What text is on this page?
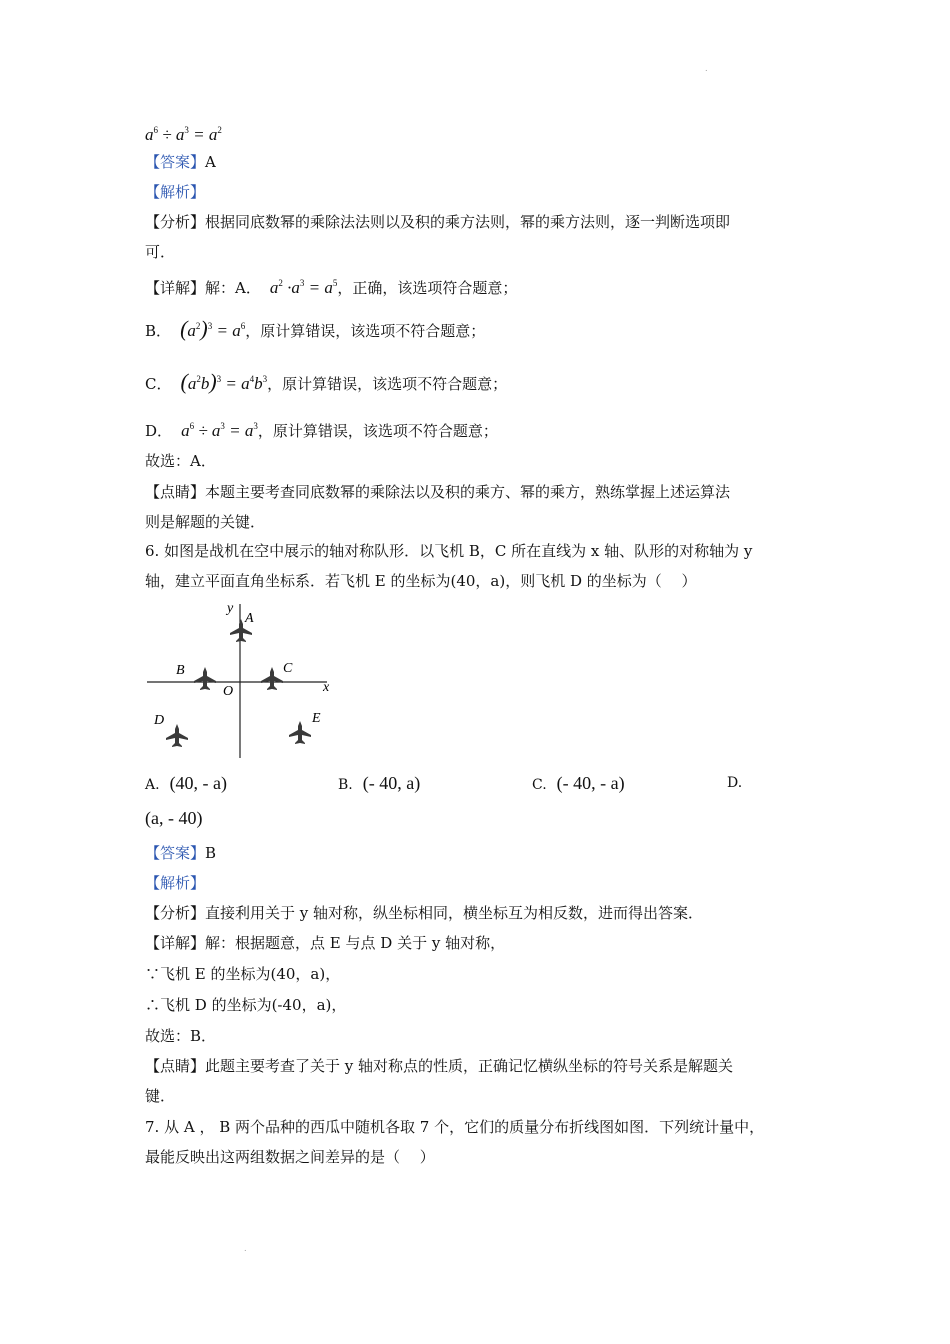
.
.
$a^6 \div a^3 = a^2$
【答案】A
【解析】
【分析】根据同底数幂的乘除法法则以及积的乘方法则，幂的乘方法则，逐一判断选项即
可．
【详解】解：A．  $a^2 \cdot a^3 = a^5$，正确，该选项符合题意；
B． $(a^2)^3 = a^6$，原计算错误，该选项不符合题意；
C． $(a^2b)^3 = a^4b^3$，原计算错误，该选项不符合题意；
D．  $a^6 \div a^3 = a^3$，原计算错误，该选项不符合题意；
故选：A．
【点睛】本题主要考查同底数幂的乘除法以及积的乘方、幂的乘方，熟练掌握上述运算法
则是解题的关键．
6. 如图是战机在空中展示的轴对称队形．以飞机 B，C 所在直线为 x 轴、队形的对称轴为 y
轴，建立平面直角坐标系．若飞机 E 的坐标为(40，a)，则飞机 D 的坐标为（　 ）
y
x
O
A
B	C
D	E
A. (40, - a)	B. (- 40, a)	C. (- 40, - a)	D.
(a, - 40)
【答案】B
【解析】
【分析】直接利用关于 y 轴对称，纵坐标相同，横坐标互为相反数，进而得出答案．
【详解】解：根据题意，点 E 与点 D 关于 y 轴对称，
∵飞机 E 的坐标为(40，a)，
∴飞机 D 的坐标为(-40，a)，
故选：B．
【点睛】此题主要考查了关于 y 轴对称点的性质，正确记忆横纵坐标的符号关系是解题关
键．
7. 从 A ， B 两个品种的西瓜中随机各取 7 个，它们的质量分布折线图如图．下列统计量中，
最能反映出这两组数据之间差异的是（　 ）
